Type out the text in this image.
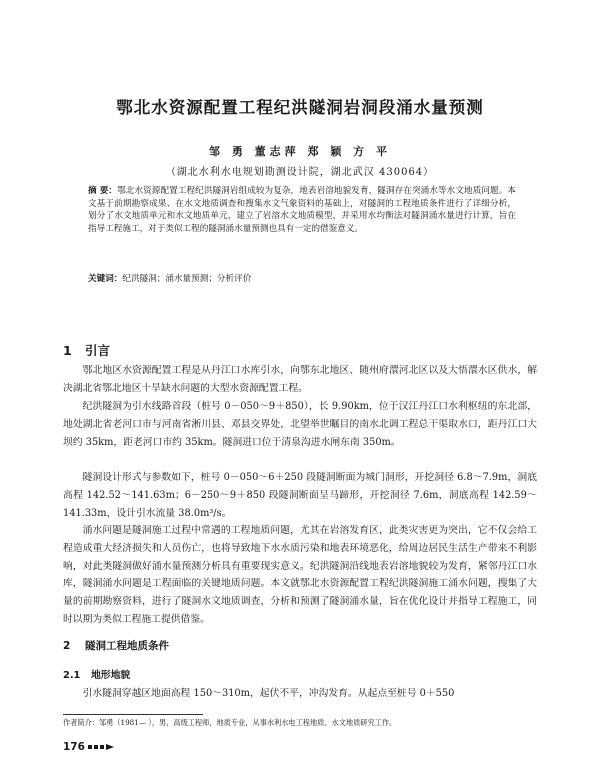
鄂北水资源配置工程纪洪隧洞岩洞段涌水量预测
邹 勇 董志萍 郑 颖 方 平
（湖北水利水电规划勘测设计院，湖北武汉 430064）
摘 要：鄂北水资源配置工程纪洪隧洞岩组成较为复杂，地表岩溶地貌发育，隧洞存在突涌水等水文地质问题。本文基于前期勘察成果、在水文地质调查和搜集水文气象资料的基础上，对隧洞的工程地质条件进行了详细分析，划分了水文地质单元和水文地质单元，建立了岩溶水文地质模型，并采用水均衡法对隧洞涌水量进行计算，旨在指导工程施工，对于类似工程的隧洞涌水量预测也具有一定的借鉴意义。
关键词：纪洪隧洞；涌水量预测；分析评价
1 引言

鄂北地区水资源配置工程是从丹江口水库引水，向鄂东北地区、随州府澴河北区以及大悟澴水区供水，解决湖北省鄂北地区十旱缺水问题的大型水资源配置工程。

纪洪隧洞为引水线路首段（桩号 0－050～9＋850），长 9.90km，位于汉江丹江口水利枢纽的东北部，地处湖北省老河口市与河南省淅川县、邓县交界处，北望举世瞩目的南水北调工程总干渠取水口，距丹江口大坝约 35km，距老河口市约 35km。隧洞进口位于清泉沟进水闸东南 350m。

隧洞设计形式与参数如下，桩号 0－050～6＋250 段隧洞断面为城门洞形，开挖洞径 6.8～7.9m，洞底高程 142.52～141.63m；6－250～9＋850 段隧洞断面呈马蹄形，开挖洞径 7.6m，洞底高程 142.59～141.33m，设计引水流量 38.0m³/s。

涌水问题是隧洞施工过程中常遇的工程地质问题，尤其在岩溶发育区，此类灾害更为突出，它不仅会给工程造成重大经济损失和人员伤亡，也将导致地下水水质污染和地表环境恶化，给周边居民生活生产带来不利影响，对此类隧洞做好涌水量预测分析具有重要现实意义。纪洪隧洞沿线地表岩溶地貌较为发育，紧邻丹江口水库，隧洞涌水问题是工程面临的关键地质问题。本文就鄂北水资源配置工程纪洪隧洞施工涌水问题，搜集了大量的前期勘察资料，进行了隧洞水文地质调查，分析和预测了隧洞涌水量，旨在优化设计并指导工程施工，同时以期为类似工程施工提供借鉴。

2 隧洞工程地质条件
2.1 地形地貌

引水隧洞穿越区地面高程 150～310m，起伏不平，冲沟发育。从起点至桩号 0＋550

作者简介：邹勇（1981— ），男，高级工程师，地质专业，从事水利水电工程地质、水文地质研究工作。
176
